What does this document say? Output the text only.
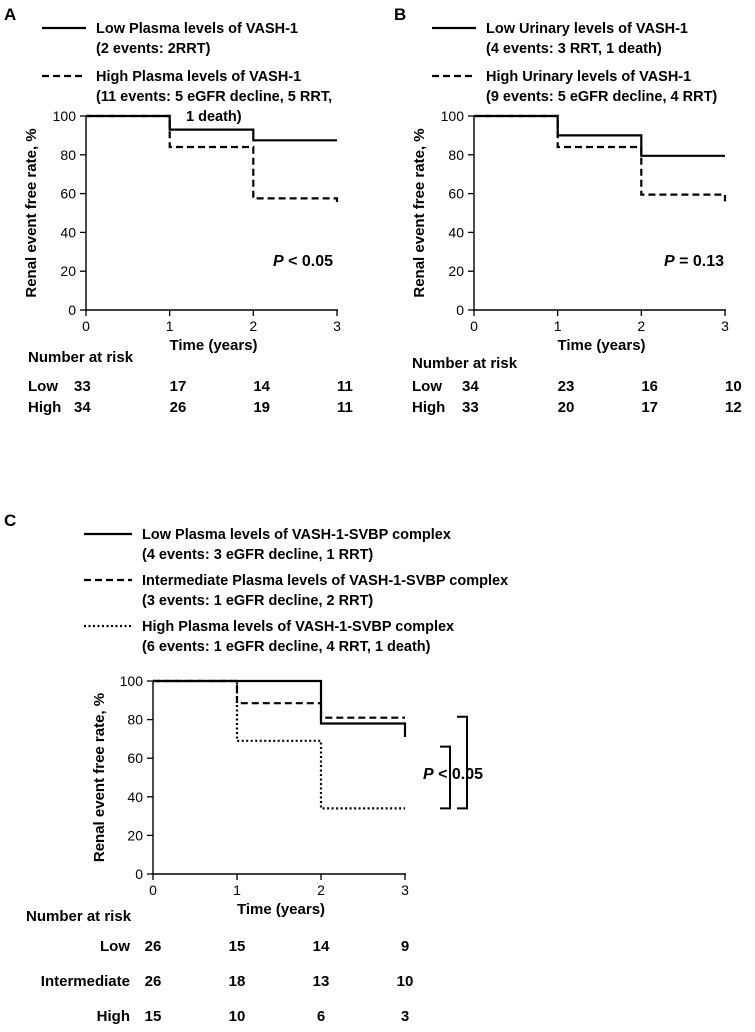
A
Low Plasma levels of VASH-1
(2 events: 2RRT)
High Plasma levels of VASH-1
(11 events: 5 eGFR decline, 5 RRT,
1 death)
0
20
40
60
80
100
0	1	2	3
Time (years)
Renal event free rate, %	P < 0.05
Number at risk
Low 33	17	14	11
High 34	26	19	11
B
Low Urinary levels of VASH-1
(4 events: 3 RRT, 1 death)
High Urinary levels of VASH-1
(9 events: 5 eGFR decline, 4 RRT)
0
20
40
60
80
100
0	1	2	3
Time (years)
Renal event free rate, %	P = 0.13
Number at risk
Low 34	23	16	10
High 33	20	17	12
C
Low Plasma levels of VASH-1-SVBP complex
(4 events: 3 eGFR decline, 1 RRT)
Intermediate Plasma levels of VASH-1-SVBP complex
(3 events: 1 eGFR decline, 2 RRT)
High Plasma levels of VASH-1-SVBP complex
(6 events: 1 eGFR decline, 4 RRT, 1 death)
0
20
40
60
80
100
0	1	2	3
Time (years)
Renal event free rate, %	P < 0.05
Number at risk
Low 26	15	14	9
Intermediate 26	18	13	10
High 15	10	6	3
